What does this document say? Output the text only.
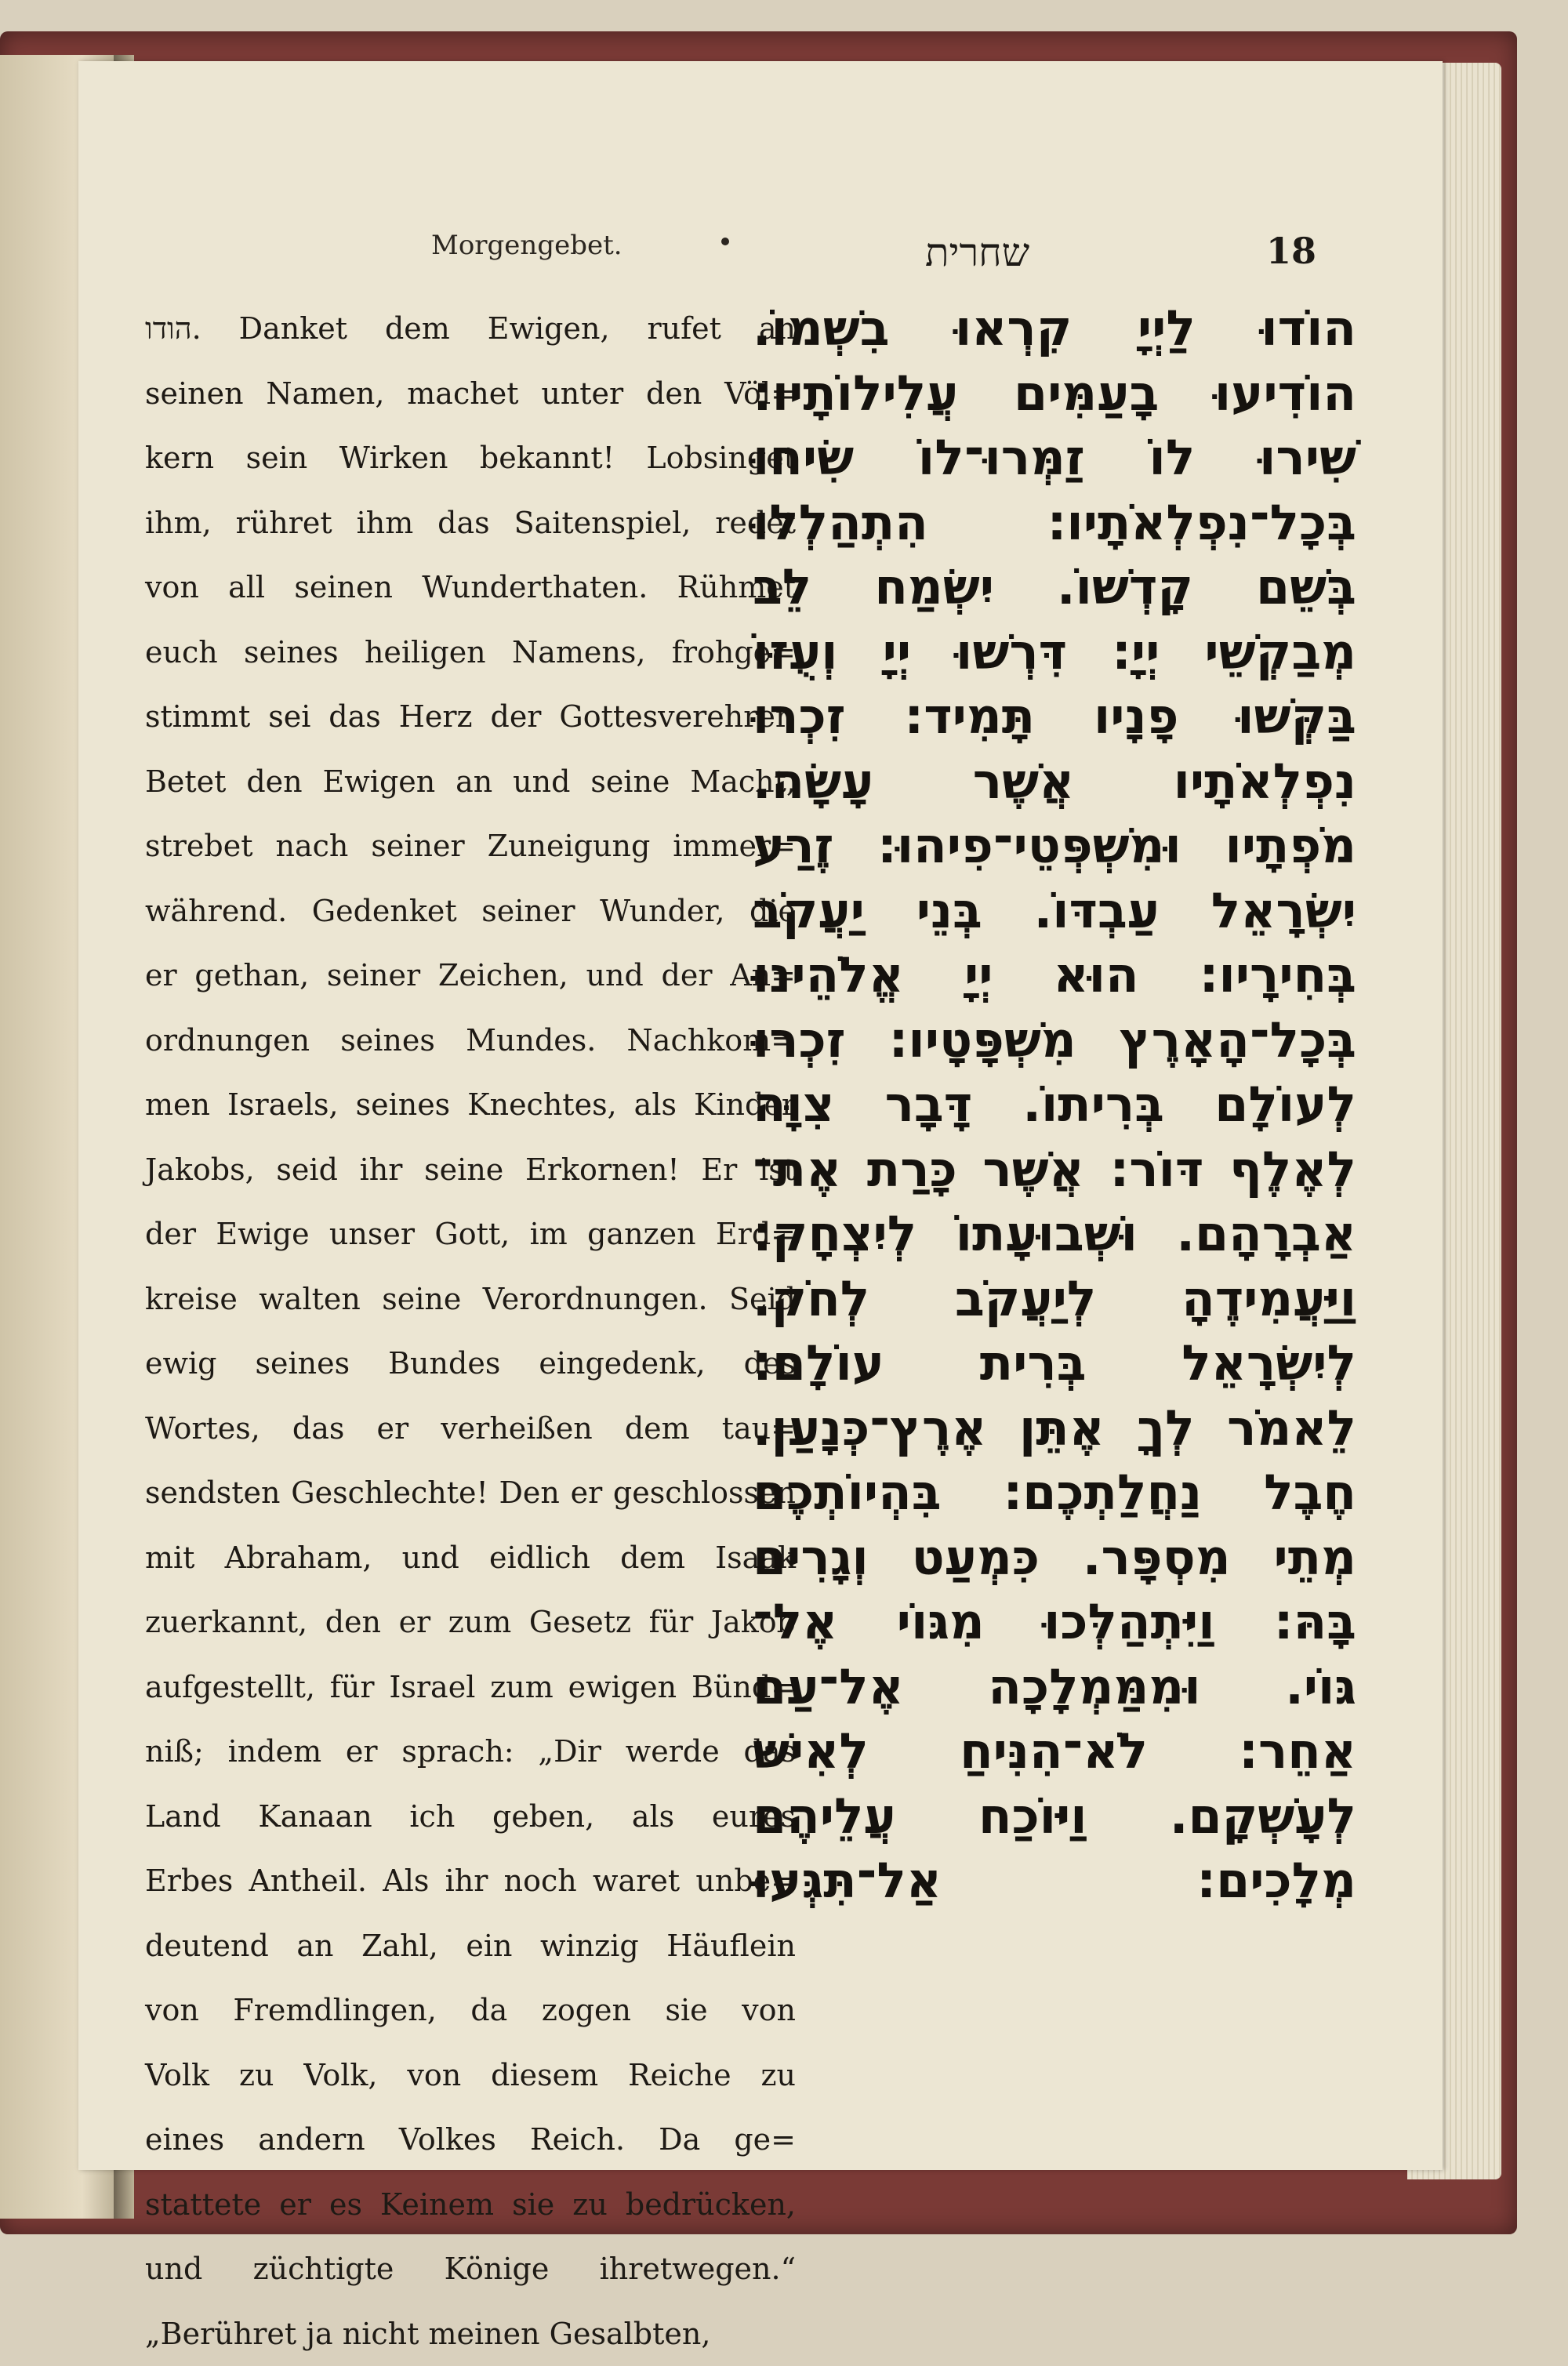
Morgengebet.	שחרית	18
הודו. Danket dem Ewigen, rufet an
seinen Namen, machet unter den Völ=
kern sein Wirken bekannt! Lobsinget
ihm, rühret ihm das Saitenspiel, redet
von all seinen Wunderthaten. Rühmet
euch seines heiligen Namens, frohge=
stimmt sei das Herz der Gottesverehrer.
Betet den Ewigen an und seine Macht,
strebet nach seiner Zuneigung immer=
während. Gedenket seiner Wunder, die
er gethan, seiner Zeichen, und der An=
ordnungen seines Mundes. Nachkom=
men Israels, seines Knechtes, als Kinder
Jakobs, seid ihr seine Erkornen! Er ist
der Ewige unser Gott, im ganzen Erd=
kreise walten seine Verordnungen. Seid
ewig seines Bundes eingedenk, des
Wortes, das er verheißen dem tau=
sendsten Geschlechte! Den er geschlossen
mit Abraham, und eidlich dem Isaak
zuerkannt, den er zum Gesetz für Jakob
aufgestellt, für Israel zum ewigen Bünd=
niß; indem er sprach: „Dir werde das
Land Kanaan ich geben, als eures
Erbes Antheil. Als ihr noch waret unbe=
deutend an Zahl, ein winzig Häuflein
von Fremdlingen, da zogen sie von
Volk zu Volk, von diesem Reiche zu
eines andern Volkes Reich. Da ge=
stattete er es Keinem sie zu bedrücken,
und züchtigte Könige ihretwegen.“
„Berühret ja nicht meinen Gesalbten,
הוֹדוּ לַיְיָ קִרְאוּ בִשְׁמוֹ.
הוֹדִיעוּ בָעַמִּים עֲלִילוֹתָיו:
שִׁירוּ לוֹ זַמְּרוּ־לוֹ שִׂיחוּ
בְּכָל־נִפְלְאֹתָיו: הִתְהַלְלוּ
בְּשֵׁם קָדְשׁוֹ. יִשְׂמַח לֵב
מְבַקְשֵׁי יְיָ: דִּרְשׁוּ יְיָ וְעֻזּוֹ
בַּקְּשׁוּ פָנָיו תָּמִיד: זִכְרוּ
נִפְלְאֹתָיו אֲשֶׁר עָשָׂה.
מֹפְתָיו וּמִשְׁפְּטֵי־פִיהוּ: זֶרַע
יִשְׂרָאֵל עַבְדּוֹ. בְּנֵי יַעֲקֹב
בְּחִירָיו: הוּא יְיָ אֱלֹהֵינוּ
בְּכָל־הָאָרֶץ מִשְׁפָּטָיו: זִכְרוּ
לְעוֹלָם בְּרִיתוֹ. דָּבָר צִוָּה
לְאֶלֶף דּוֹר: אֲשֶׁר כָּרַת אֶת־
אַבְרָהָם. וּשְׁבוּעָתוֹ לְיִצְחָק:
וַיַּעֲמִידֶהָ לְיַעֲקֹב לְחֹק.
לְיִשְׂרָאֵל בְּרִית עוֹלָם:
לֵאמֹר לְךָ אֶתֵּן אֶרֶץ־כְּנָעַן.
חֶבֶל נַחֲלַתְכֶם: בִּהְיוֹתְכֶם
מְתֵי מִסְפָּר. כִּמְעַט וְגָרִים
בָּהּ: וַיִּתְהַלְּכוּ מִגּוֹי אֶל־
גּוֹי. וּמִמַּמְלָכָה אֶל־עַם
אַחֵר: לֹא־הִנִּיחַ לְאִישׁ
לְעָשְׁקָם. וַיּוֹכַח עֲלֵיהֶם
מְלָכִים: אַל־תִּגְּעוּ
